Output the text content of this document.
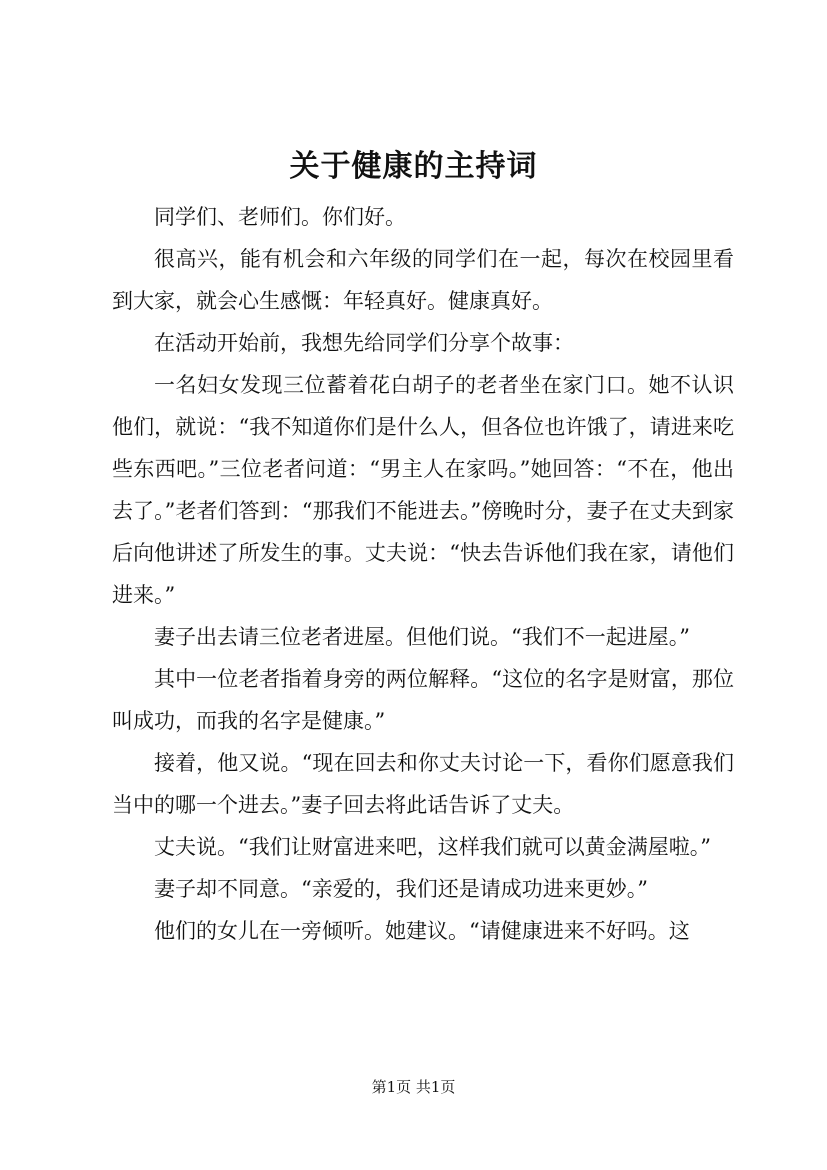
关于健康的主持词

同学们、老师们。你们好。

很高兴，能有机会和六年级的同学们在一起，每次在校园里看到大家，就会心生感慨：年轻真好。健康真好。

在活动开始前，我想先给同学们分享个故事：

一名妇女发现三位蓄着花白胡子的老者坐在家门口。她不认识他们，就说：“我不知道你们是什么人，但各位也许饿了，请进来吃些东西吧。”三位老者问道：“男主人在家吗。”她回答：“不在，他出去了。”老者们答到：“那我们不能进去。”傍晚时分，妻子在丈夫到家后向他讲述了所发生的事。丈夫说：“快去告诉他们我在家，请他们进来。”

妻子出去请三位老者进屋。但他们说。“我们不一起进屋。”

其中一位老者指着身旁的两位解释。“这位的名字是财富，那位叫成功，而我的名字是健康。”

接着，他又说。“现在回去和你丈夫讨论一下，看你们愿意我们当中的哪一个进去。”妻子回去将此话告诉了丈夫。

丈夫说。“我们让财富进来吧，这样我们就可以黄金满屋啦。”

妻子却不同意。“亲爱的，我们还是请成功进来更妙。”

他们的女儿在一旁倾听。她建议。“请健康进来不好吗。这

第1页 共1页
